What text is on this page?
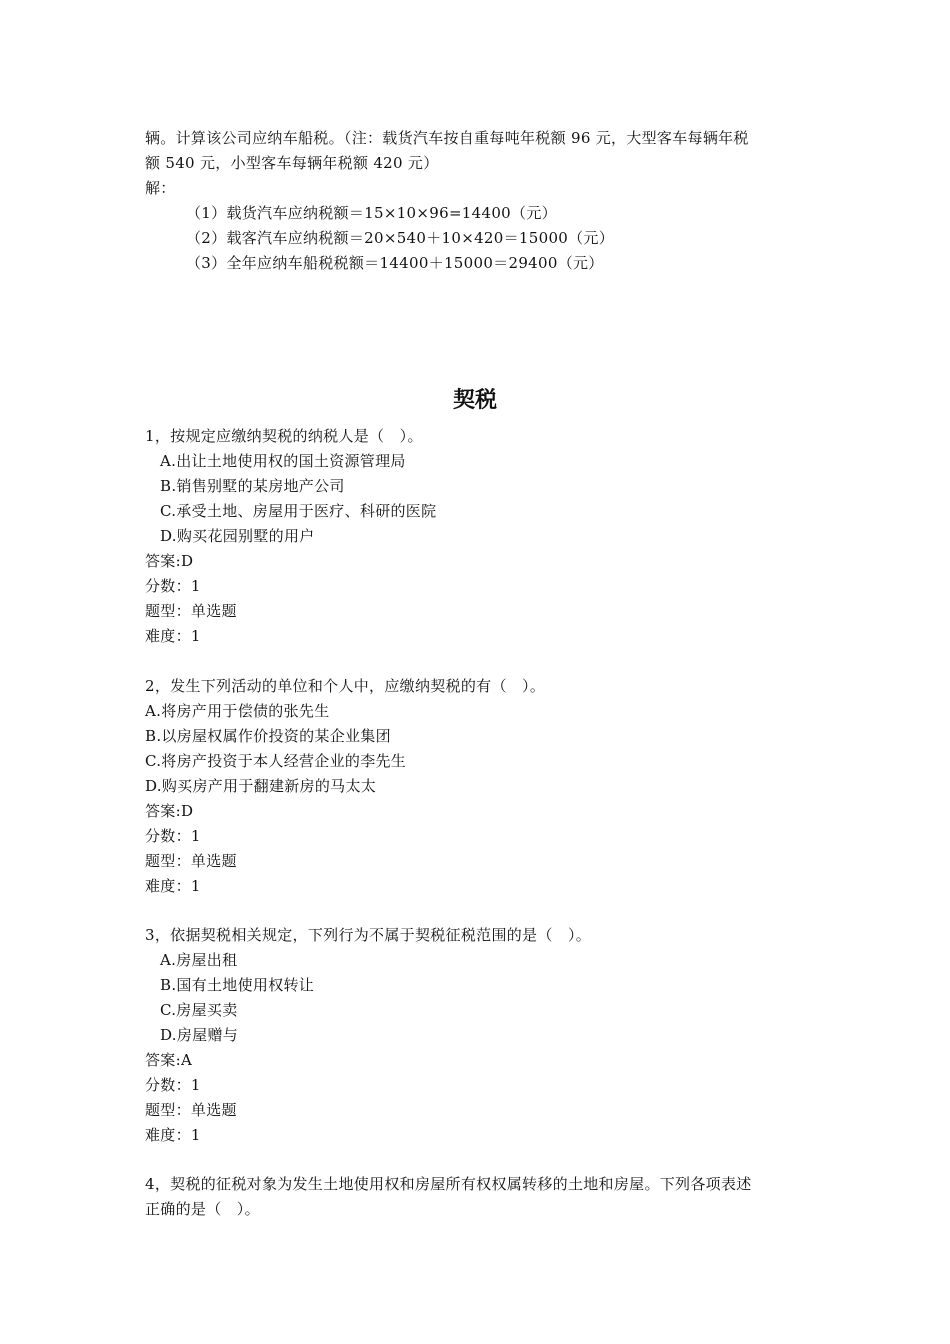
辆。计算该公司应纳车船税。（注：载货汽车按自重每吨年税额 96 元，大型客车每辆年税
额 540 元，小型客车每辆年税额 420 元）
解：
（1）载货汽车应纳税额＝15×10×96=14400（元）
（2）载客汽车应纳税额＝20×540＋10×420＝15000（元）
（3）全年应纳车船税税额＝14400＋15000＝29400（元）
契税
1，按规定应缴纳契税的纳税人是（　）。
A.出让土地使用权的国土资源管理局
B.销售别墅的某房地产公司
C.承受土地、房屋用于医疗、科研的医院
D.购买花园别墅的用户
答案:D
分数：1
题型：单选题
难度：1
2，发生下列活动的单位和个人中，应缴纳契税的有（　）。
A.将房产用于偿债的张先生
B.以房屋权属作价投资的某企业集团
C.将房产投资于本人经营企业的李先生
D.购买房产用于翻建新房的马太太
答案:D
分数：1
题型：单选题
难度：1
3，依据契税相关规定，下列行为不属于契税征税范围的是（　）。
A.房屋出租
B.国有土地使用权转让
C.房屋买卖
D.房屋赠与
答案:A
分数：1
题型：单选题
难度：1
4，契税的征税对象为发生土地使用权和房屋所有权权属转移的土地和房屋。下列各项表述
正确的是（　）。
